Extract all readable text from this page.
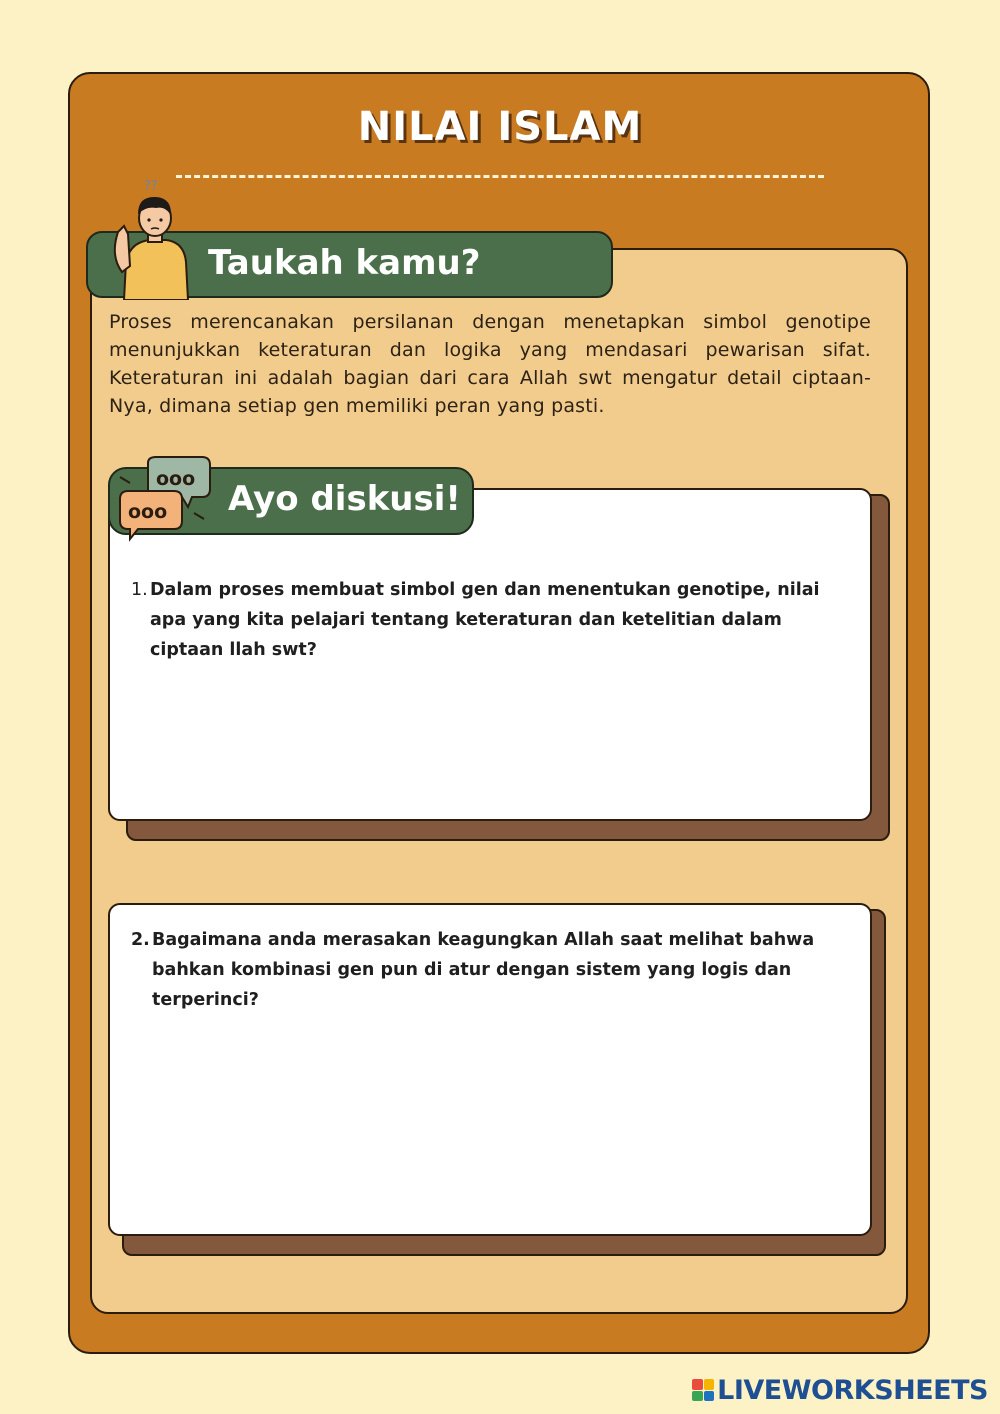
NILAI ISLAM
Taukah kamu?
??
Proses merencanakan persilanan dengan menetapkan simbol genotipe menunjukkan keteraturan dan logika yang mendasari pewarisan sifat. Keteraturan ini adalah bagian dari cara Allah swt mengatur detail ciptaan-Nya, dimana setiap gen memiliki peran yang pasti.
Ayo diskusi!
ooo
ooo
1. Dalam proses membuat simbol gen dan menentukan genotipe, nilai apa yang kita pelajari tentang keteraturan dan ketelitian dalam ciptaan llah swt?
2. Bagaimana anda merasakan keagungkan Allah saat melihat bahwa bahkan kombinasi gen pun di atur dengan sistem yang logis dan terperinci?
LIVEWORKSHEETS
